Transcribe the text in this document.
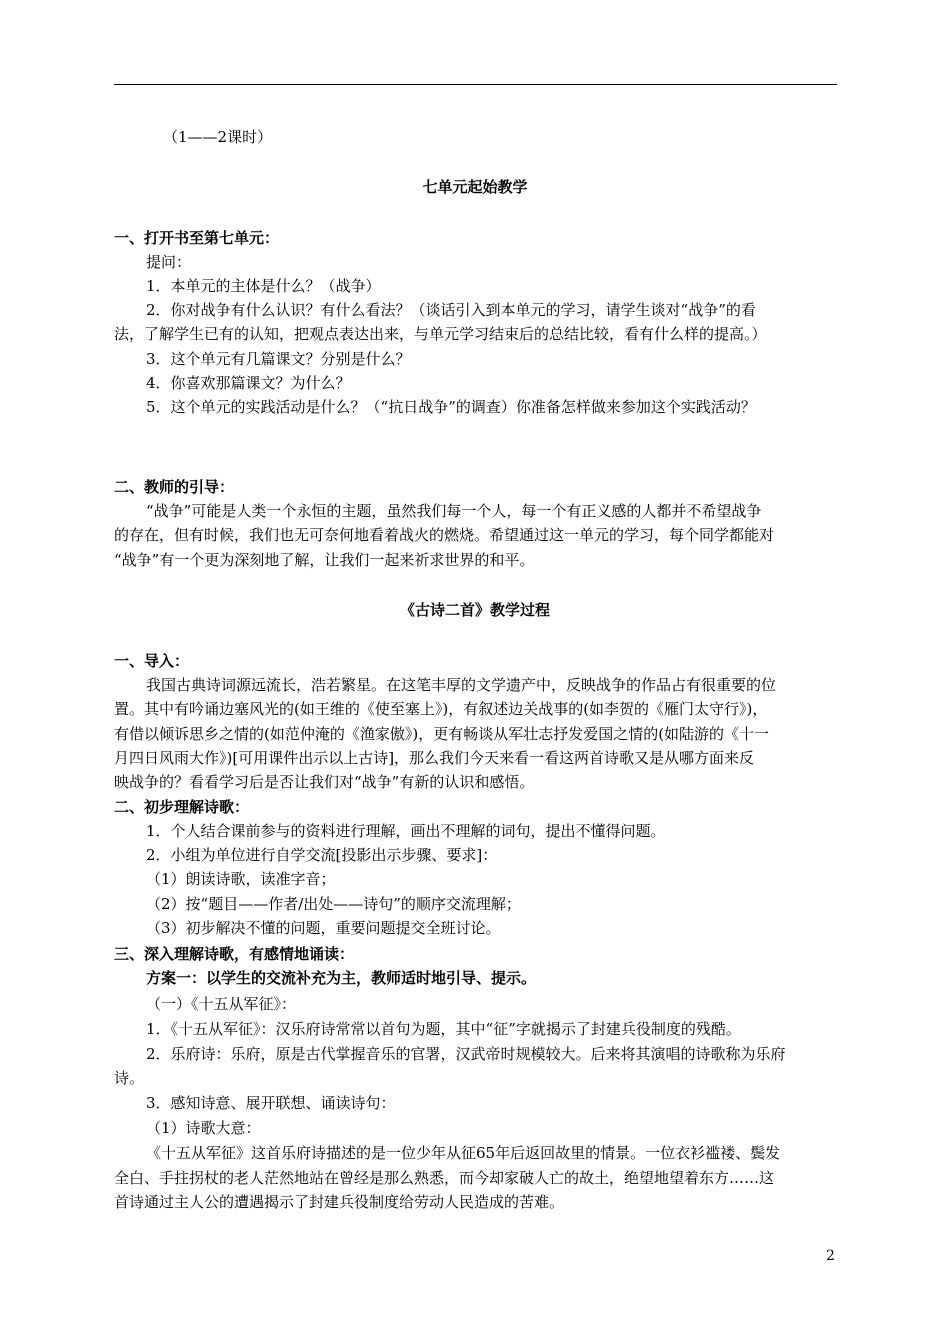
（1——2课时）
七单元起始教学
一、打开书至第七单元：
提问：
1．本单元的主体是什么？（战争）
2．你对战争有什么认识？有什么看法？（谈话引入到本单元的学习，请学生谈对“战争”的看
法，了解学生已有的认知，把观点表达出来，与单元学习结束后的总结比较，看有什么样的提高。）
3．这个单元有几篇课文？分别是什么？
4．你喜欢那篇课文？为什么？
5．这个单元的实践活动是什么？（“抗日战争”的调查）你准备怎样做来参加这个实践活动？
二、教师的引导：
“战争”可能是人类一个永恒的主题，虽然我们每一个人，每一个有正义感的人都并不希望战争
的存在，但有时候，我们也无可奈何地看着战火的燃烧。希望通过这一单元的学习，每个同学都能对
“战争”有一个更为深刻地了解，让我们一起来祈求世界的和平。
《古诗二首》教学过程
一、导入：
我国古典诗词源远流长，浩若繁星。在这笔丰厚的文学遗产中，反映战争的作品占有很重要的位
置。其中有吟诵边塞风光的(如王维的《使至塞上》)，有叙述边关战事的(如李贺的《雁门太守行》)，
有借以倾诉思乡之情的(如范仲淹的《渔家傲》)，更有畅谈从军壮志抒发爱国之情的(如陆游的《十一
月四日风雨大作》)[可用课件出示以上古诗]，那么我们今天来看一看这两首诗歌又是从哪方面来反
映战争的？看看学习后是否让我们对“战争”有新的认识和感悟。
二、初步理解诗歌：
1．个人结合课前参与的资料进行理解，画出不理解的词句，提出不懂得问题。
2．小组为单位进行自学交流[投影出示步骤、要求]：
（1）朗读诗歌，读准字音；
（2）按“题目——作者/出处——诗句”的顺序交流理解；
（3）初步解决不懂的问题，重要问题提交全班讨论。
三、深入理解诗歌，有感情地诵读：
方案一：以学生的交流补充为主，教师适时地引导、提示。
（一）《十五从军征》：
1．《十五从军征》：汉乐府诗常常以首句为题，其中“征”字就揭示了封建兵役制度的残酷。
2．乐府诗：乐府，原是古代掌握音乐的官署，汉武帝时规模较大。后来将其演唱的诗歌称为乐府
诗。
3．感知诗意、展开联想、诵读诗句：
（1）诗歌大意：
《十五从军征》这首乐府诗描述的是一位少年从征65年后返回故里的情景。一位衣衫褴褛、鬓发
全白、手拄拐杖的老人茫然地站在曾经是那么熟悉，而今却家破人亡的故土，绝望地望着东方……这
首诗通过主人公的遭遇揭示了封建兵役制度给劳动人民造成的苦难。
2
